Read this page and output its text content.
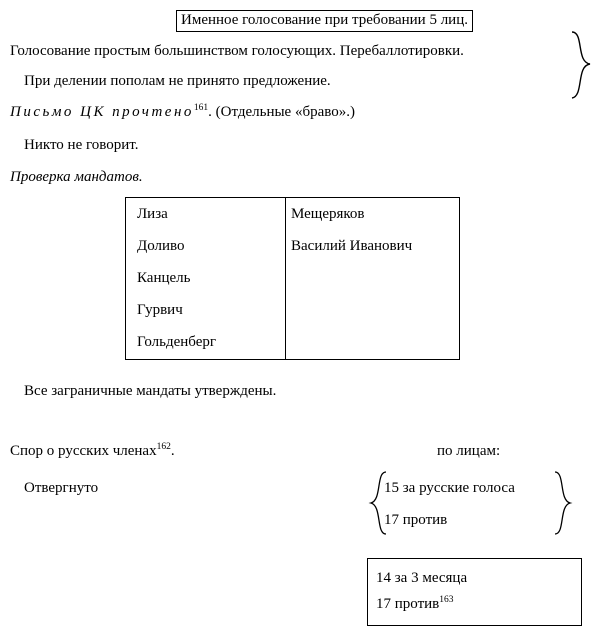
Именное голосование при требовании 5 лиц.
Голосование простым большинством голосующих. Перебаллотировки.
При делении пополам не принято предложение.
Письмо ЦК прочтено$^{161}$. (Отдельные «браво».)
Никто не говорит.
Проверка мандатов.
Лиза	Мещеряков
Доливо	Василий Иванович
Канцель
Гурвич
Гольденберг
Все заграничные мандаты утверждены.
Спор о русских членах$^{162}$.	по лицам:
Отвергнуто	15 за русские голоса
17 против
14 за 3 месяца
17 против$^{163}$
